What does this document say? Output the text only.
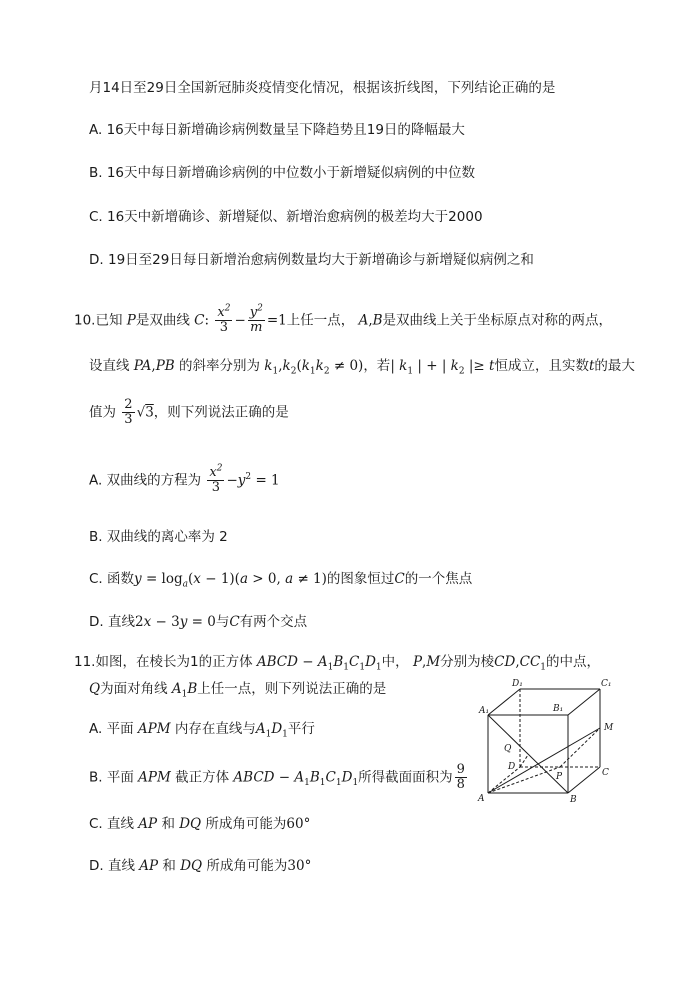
月14日至29日全国新冠肺炎疫情变化情况，根据该折线图，下列结论正确的是
A. 16天中每日新增确诊病例数量呈下降趋势且19日的降幅最大
B. 16天中每日新增确诊病例的中位数小于新增疑似病例的中位数
C. 16天中新增确诊、新增疑似、新增治愈病例的极差均大于2000
D. 19日至29日每日新增治愈病例数量均大于新增确诊与新增疑似病例之和
10.已知 P是双曲线 C: $\frac{x^2}{3} - \frac{y^2}{m} =1$上任一点， A,B是双曲线上关于坐标原点对称的两点，
设直线 PA,PB 的斜率分别为 $k_1,k_2(k_1k_2 \ne 0)$，若| $k_1$ | + | $k_2$ |≥ t恒成立，且实数t的最大
值为 $\frac{2}{3} √3$，则下列说法正确的是
A. 双曲线的方程为 $\frac{x^2}{3} -y^2 = 1$
B. 双曲线的离心率为 2
C. 函数$y = \log_a(x - 1)(a > 0$, a ≠ 1)的图象恒过C的一个焦点
D. 直线2x − 3y = 0与C有两个交点
11.如图，在棱长为1的正方体 ABCD − $A_1B_1C_1D_1$中， P,M分别为棱$CD,CC_1$的中点，
Q为面对角线 $A_1B$上任一点，则下列说法正确的是
A. 平面 APM 内存在直线与$A_1D_1$平行
B. 平面 APM 截正方体 ABCD − $A_1B_1C_1D_1$所得截面面积为 $\frac{9}{8}$
C. 直线 AP 和 DQ 所成角可能为60°
D. 直线 AP 和 DQ 所成角可能为30°
D₁	C₁
A₁	B₁
M
Q
D
P	C
A	B
